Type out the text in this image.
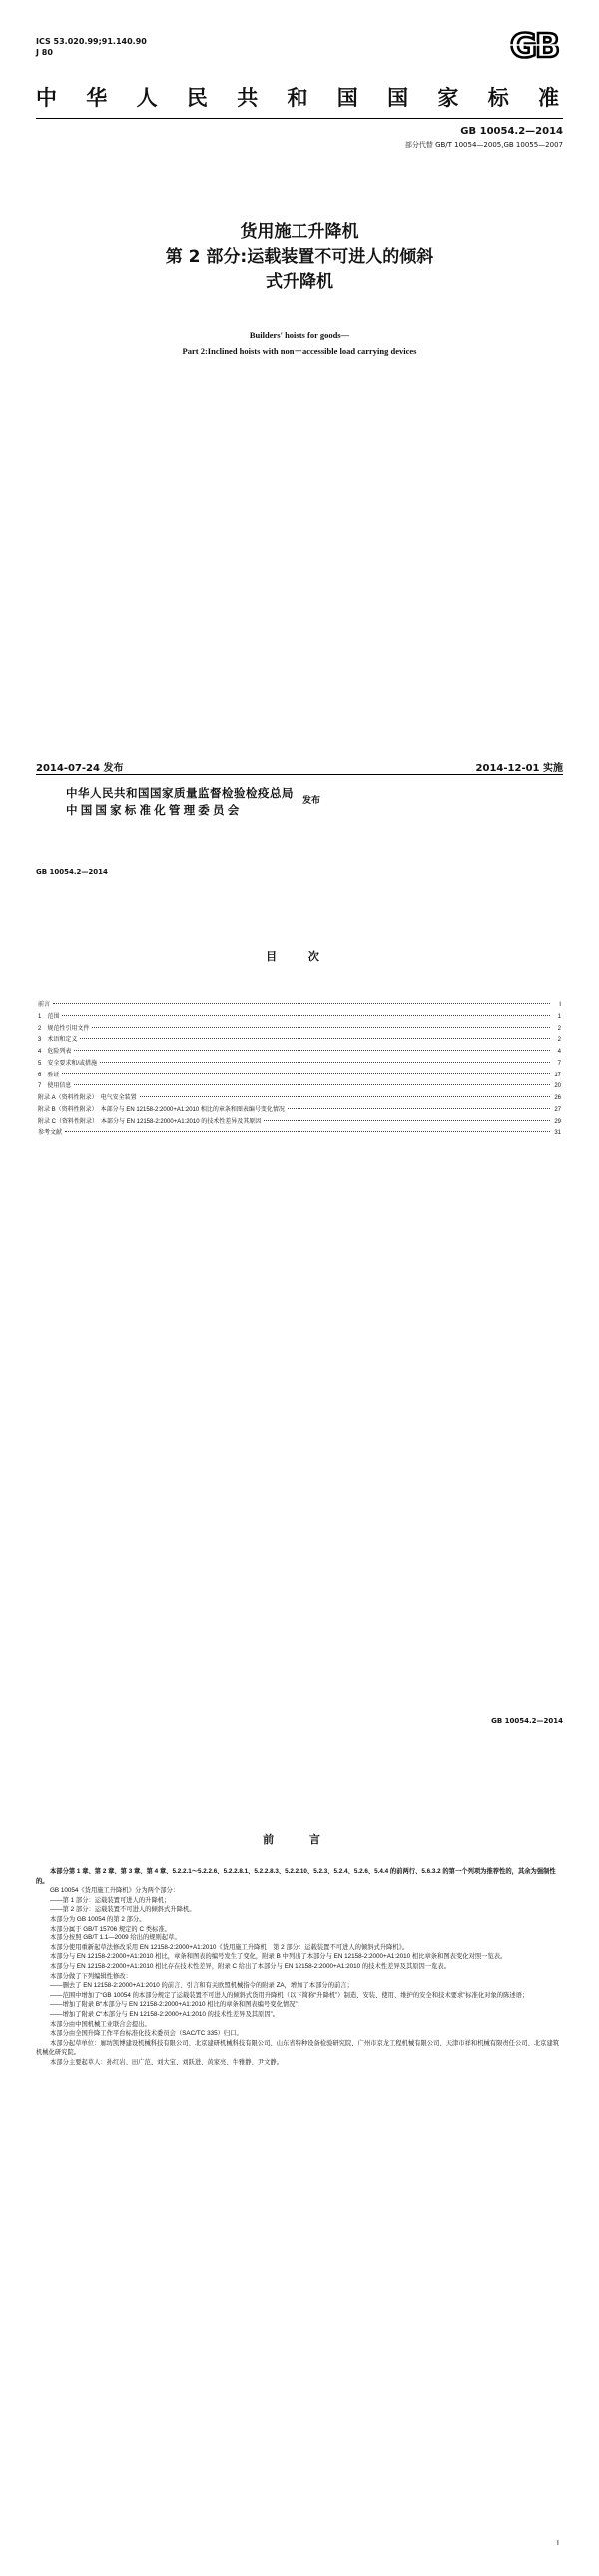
ICS 53.020.99;91.140.90
J 80	GB
中华人民共和国国家标准
GB 10054.2—2014
部分代替 GB/T 10054—2005,GB 10055—2007
货用施工升降机
第 2 部分:运载装置不可进人的倾斜
式升降机
Builders' hoists for goods—
Part 2:Inclined hoists with non－accessible load carrying devices
2014-07-24 发布	2014-12-01 实施
中华人民共和国国家质量监督检验检疫总局
中国国家标准化管理委员会
发布
GB 10054.2—2014
目 次
前言	Ⅰ
1　范围	1
2　规范性引用文件	2
3　术语和定义	2
4　危险列表	4
5　安全要求和/或措施	7
6　验证	17
7　使用信息	20
附录 A（资料性附录）　电气安全装置	26
附录 B（资料性附录）　本部分与 EN 12158-2:2000+A1:2010 相比的章条和图表编号变化情况	27
附录 C（资料性附录）　本部分与 EN 12158-2:2000+A1:2010 的技术性差异及其原因	29
参考文献	31
GB 10054.2—2014
前 言

本部分第 1 章、第 2 章、第 3 章、第 4 章、5.2.2.1～5.2.2.6、5.2.2.8.1、5.2.2.8.3、5.2.2.10、5.2.3、5.2.4、5.2.6、5.4.4 的前两行、5.6.3.2 的第一个列项为推荐性的，其余为强制性的。

GB 10054《货用施工升降机》分为两个部分：

——第 1 部分：运载装置可进人的升降机；

——第 2 部分：运载装置不可进人的倾斜式升降机。

本部分为 GB 10054 的第 2 部分。

本部分属于 GB/T 15706 规定的 C 类标准。

本部分按照 GB/T 1.1—2009 给出的规则起草。

本部分使用重新起草法修改采用 EN 12158-2:2000+A1:2010《货用施工升降机　第 2 部分：运载装置不可进人的倾斜式升降机》。

本部分与 EN 12158-2:2000+A1:2010 相比，章条和图表的编号发生了变化，附录 B 中列出了本部分与 EN 12158-2:2000+A1:2010 相比章条和图表变化对照一览表。

本部分与 EN 12158-2:2000+A1:2010 相比存在技术性差异，附录 C 给出了本部分与 EN 12158-2:2000+A1:2010 的技术性差异及其原因一览表。

本部分做了下列编辑性修改：

——删去了 EN 12158-2:2000+A1:2010 的前言、引言和有关欧盟机械指令的附录 ZA，增加了本部分的前言；

——范围中增加了“GB 10054 的本部分规定了运载装置不可进人的倾斜式货用升降机（以下简称“升降机”）制造、安装、使用、维护的安全和技术要求”标准化对象的陈述语；

——增加了附录 B“本部分与 EN 12158-2:2000+A1:2010 相比的章条和图表编号变化情况”；

——增加了附录 C“本部分与 EN 12158-2:2000+A1:2010 的技术性差异及其原因”。

本部分由中国机械工业联合会提出。

本部分由全国升降工作平台标准化技术委员会（SAC/TC 335）归口。

本部分起草单位：廊坊凯博建设机械科技有限公司、北京建研机械科技有限公司、山东省特种设备检验研究院、广州市京龙工程机械有限公司、天津市祥和机械有限责任公司、北京建筑机械化研究院。

本部分主要起草人：孙红岩、田广范、刘大宝、刘跃进、黄家亮、牛雅静、尹文静。

Ⅰ
